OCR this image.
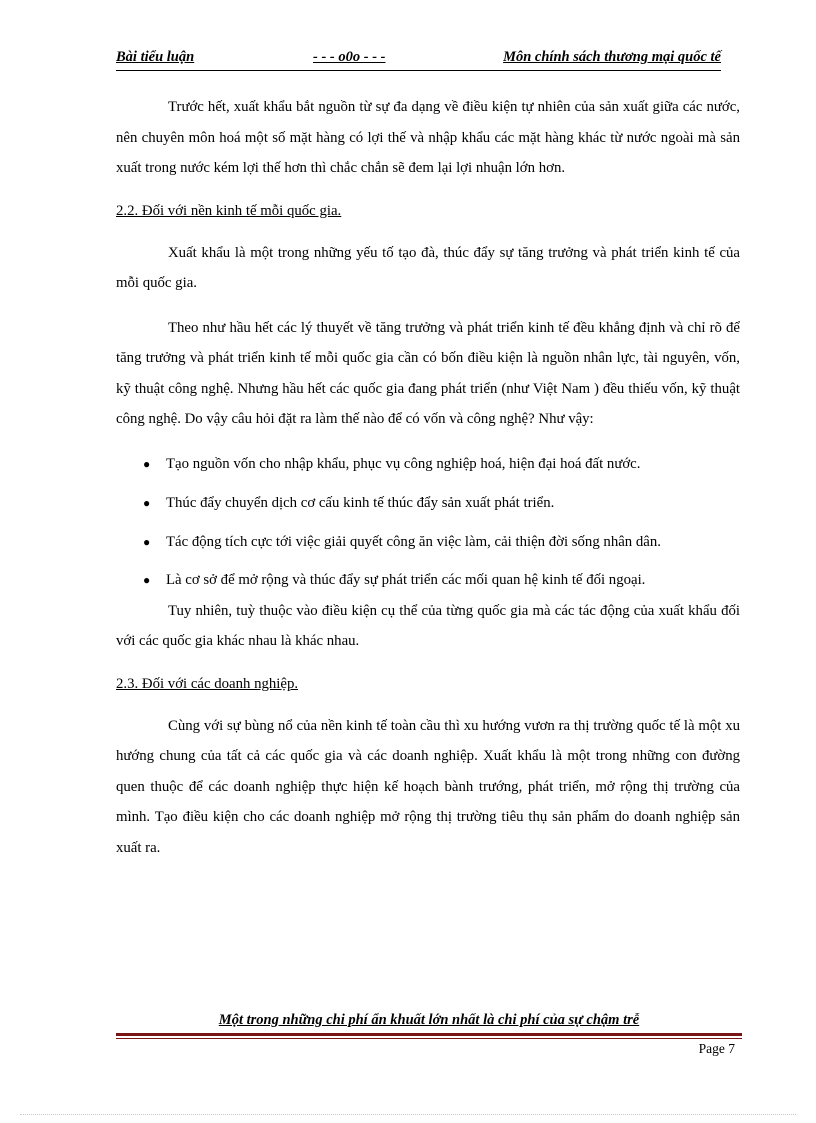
Bài tiểu luận	- - - o0o - - -	Môn chính sách thương mại quốc tế

Trước hết, xuất khẩu bắt nguồn từ sự đa dạng về điều kiện tự nhiên của sản xuất giữa các nước, nên chuyên môn hoá một số mặt hàng có lợi thế và nhập khẩu các mặt hàng khác từ nước ngoài mà sản xuất trong nước kém lợi thế hơn thì chắc chắn sẽ đem lại lợi nhuận lớn hơn.

2.2. Đối với nền kinh tế mỗi quốc gia.

Xuất khẩu là một trong những yếu tố tạo đà, thúc đẩy sự tăng trưởng và phát triển kinh tế của mỗi quốc gia.

Theo như hầu hết các lý thuyết về tăng trưởng và phát triển kinh tế đều khẳng định và chỉ rõ để tăng trưởng và phát triển kinh tế mỗi quốc gia cần có bốn điều kiện là nguồn nhân lực, tài nguyên, vốn, kỹ thuật công nghệ. Nhưng hầu hết các quốc gia đang phát triển (như Việt Nam ) đều thiếu vốn, kỹ thuật công nghệ. Do vậy câu hỏi đặt ra làm thế nào để có vốn và công nghệ? Như vậy:

● Tạo nguồn vốn cho nhập khẩu, phục vụ công nghiệp hoá, hiện đại hoá đất nước.
● Thúc đẩy chuyển dịch cơ cấu kinh tế thúc đẩy sản xuất phát triển.
● Tác động tích cực tới việc giải quyết công ăn việc làm, cải thiện đời sống nhân dân.
● Là cơ sở để mở rộng và thúc đẩy sự phát triển các mối quan hệ kinh tế đối ngoại.

Tuy nhiên, tuỳ thuộc vào điều kiện cụ thể của từng quốc gia mà các tác động của xuất khẩu đối với các quốc gia khác nhau là khác nhau.

2.3. Đối với các doanh nghiệp.

Cùng với sự bùng nổ của nền kinh tế toàn cầu thì xu hướng vươn ra thị trường quốc tế là một xu hướng chung của tất cả các quốc gia và các doanh nghiệp. Xuất khẩu là một trong những con đường quen thuộc để các doanh nghiệp thực hiện kế hoạch bành trướng, phát triển, mở rộng thị trường của mình. Tạo điều kiện cho các doanh nghiệp mở rộng thị trường tiêu thụ sản phẩm do doanh nghiệp sản xuất ra.

Một trong những chi phí ẩn khuất lớn nhất là chi phí của sự chậm trễ
Page 7
